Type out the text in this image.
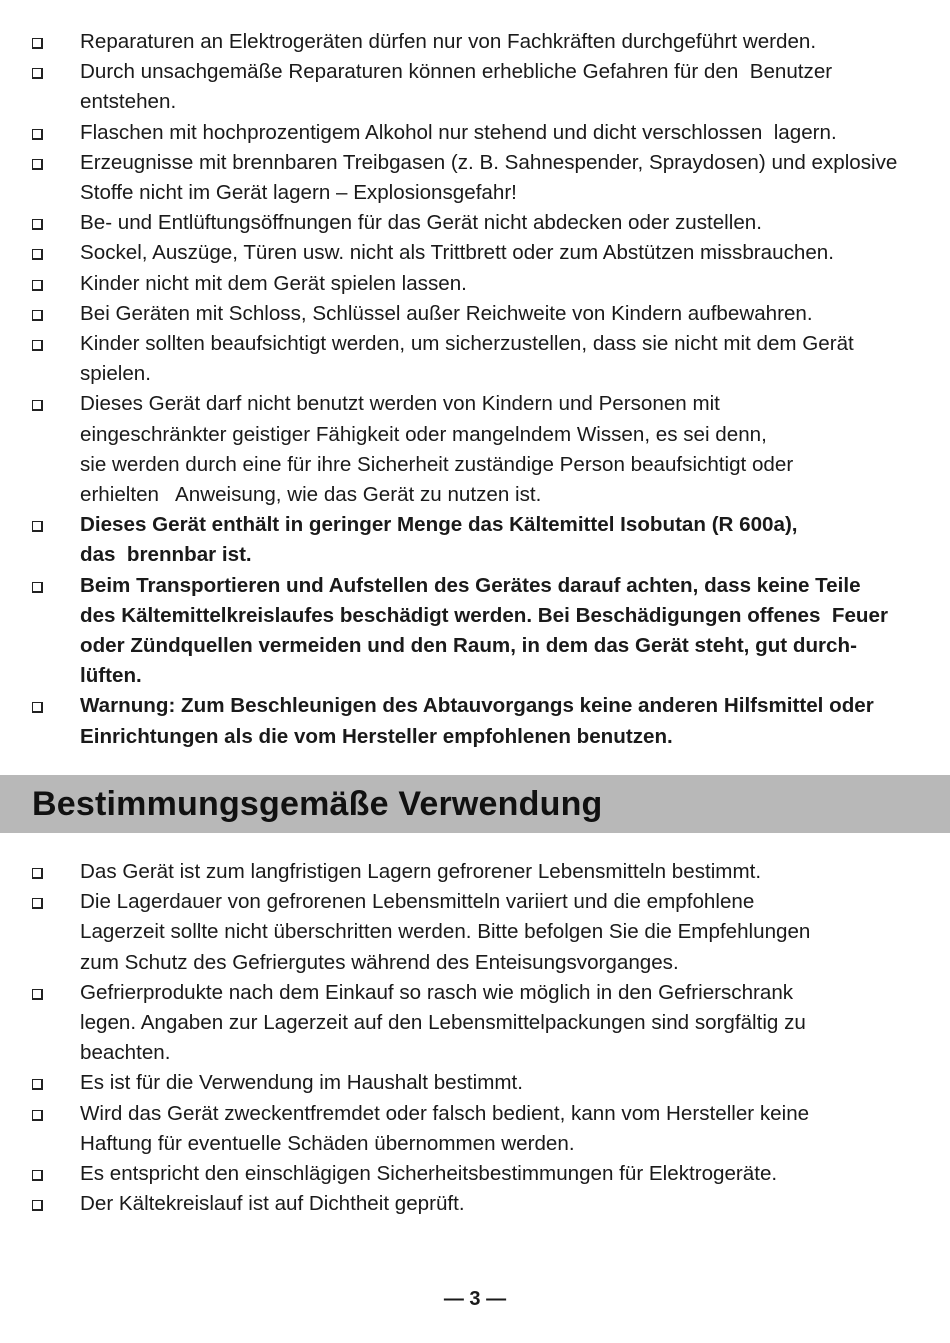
Reparaturen an Elektrogeräten dürfen nur von Fachkräften durchgeführt werden.
Durch unsachgemäße Reparaturen können erhebliche Gefahren für den  Benutzer entstehen.
Flaschen mit hochprozentigem Alkohol nur stehend und dicht verschlossen  lagern.
Erzeugnisse mit brennbaren Treibgasen (z. B. Sahnespender, Spraydosen) und explosive Stoffe nicht im Gerät lagern – Explosionsgefahr!
Be- und Entlüftungsöffnungen für das Gerät nicht abdecken oder zustellen.
Sockel, Auszüge, Türen usw. nicht als Trittbrett oder zum Abstützen missbrauchen.
Kinder nicht mit dem Gerät spielen lassen.
Bei Geräten mit Schloss, Schlüssel außer Reichweite von Kindern aufbewahren.
Kinder sollten beaufsichtigt werden, um sicherzustellen, dass sie nicht mit dem Gerät spielen.
Dieses Gerät darf nicht benutzt werden von Kindern und Personen mit
eingeschränkter geistiger Fähigkeit oder mangelndem Wissen, es sei denn,
sie werden durch eine für ihre Sicherheit zuständige Person beaufsichtigt oder
erhielten   Anweisung, wie das Gerät zu nutzen ist.
Dieses Gerät enthält in geringer Menge das Kältemittel Isobutan (R 600a),
das  brennbar ist.
Beim Transportieren und Aufstellen des Gerätes darauf achten, dass keine Teile
des Kältemittelkreislaufes beschädigt werden. Bei Beschädigungen offenes  Feuer
oder Zündquellen vermeiden und den Raum, in dem das Gerät steht, gut durch-
lüften.
Warnung: Zum Beschleunigen des Abtauvorgangs keine anderen Hilfsmittel oder
Einrichtungen als die vom Hersteller empfohlenen benutzen.
Bestimmungsgemäße Verwendung
Das Gerät ist zum langfristigen Lagern gefrorener Lebensmitteln bestimmt.
Die Lagerdauer von gefrorenen Lebensmitteln variiert und die empfohlene
Lagerzeit sollte nicht überschritten werden. Bitte befolgen Sie die Empfehlungen
zum Schutz des Gefriergutes während des Enteisungsvorganges.
Gefrierprodukte nach dem Einkauf so rasch wie möglich in den Gefrierschrank
legen. Angaben zur Lagerzeit auf den Lebensmittelpackungen sind sorgfältig zu
beachten.
Es ist für die Verwendung im Haushalt bestimmt.
Wird das Gerät zweckentfremdet oder falsch bedient, kann vom Hersteller keine
Haftung für eventuelle Schäden übernommen werden.
Es entspricht den einschlägigen Sicherheitsbestimmungen für Elektrogeräte.
Der Kältekreislauf ist auf Dichtheit geprüft.
— 3 —
